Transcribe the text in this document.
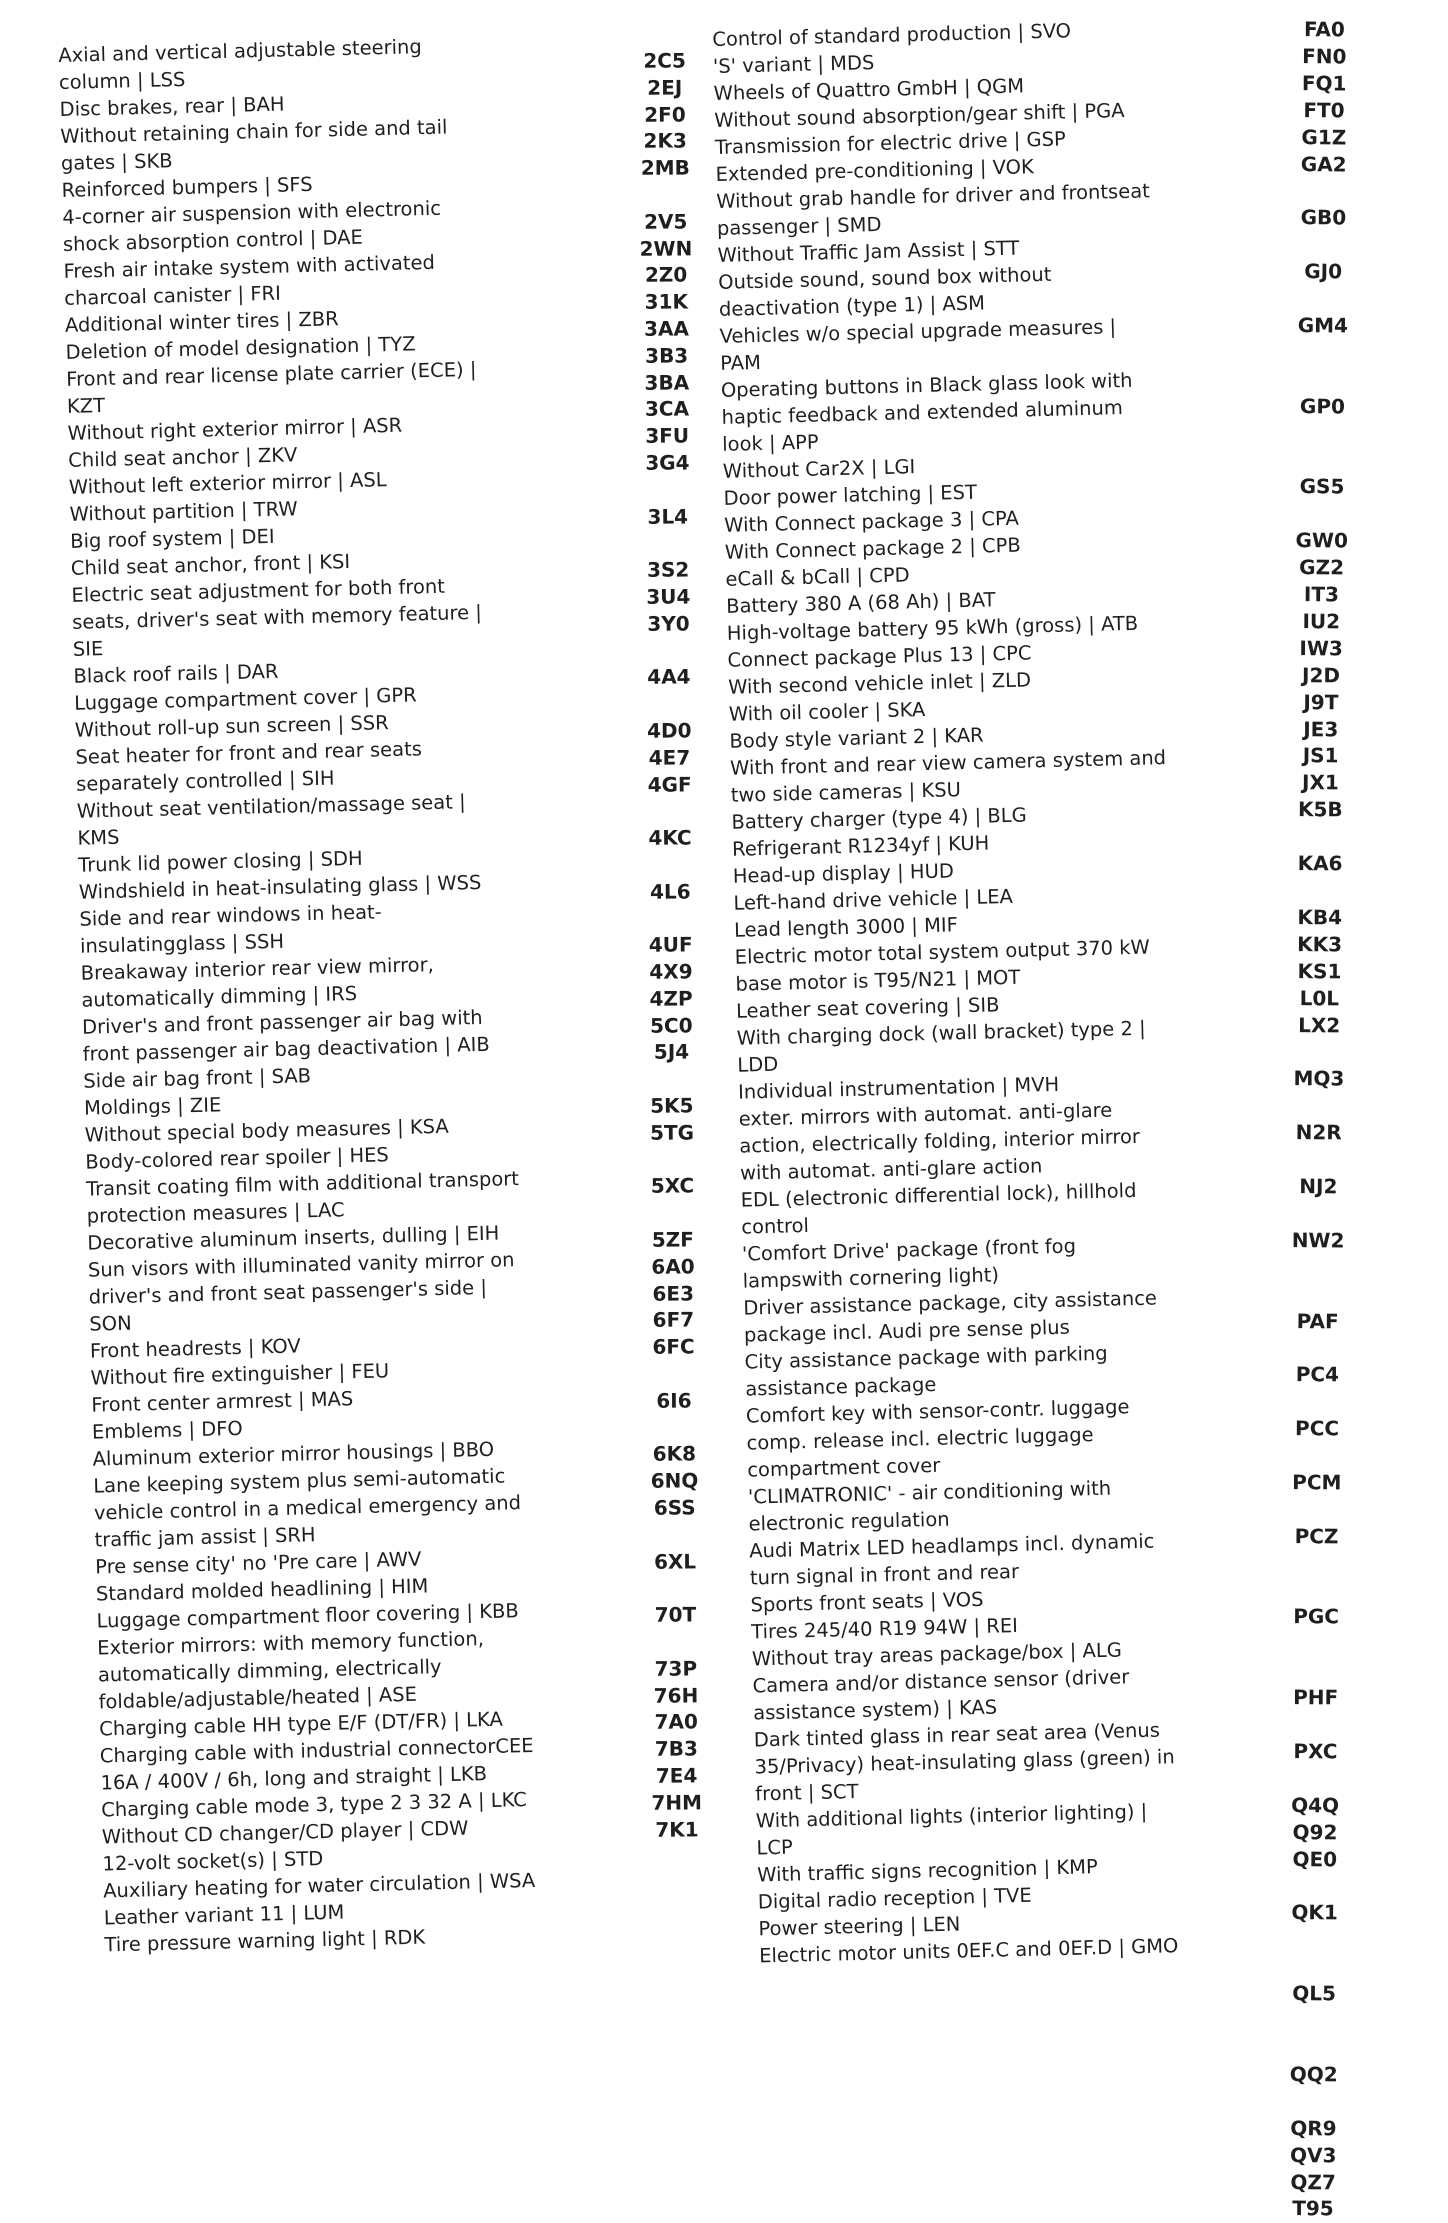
Axial and vertical adjustable steering
column | LSS
Disc brakes, rear | BAH
Without retaining chain for side and tail
gates | SKB
Reinforced bumpers | SFS
4-corner air suspension with electronic
shock absorption control | DAE
Fresh air intake system with activated
charcoal canister | FRI
Additional winter tires | ZBR
Deletion of model designation | TYZ
Front and rear license plate carrier (ECE) |
KZT
Without right exterior mirror | ASR
Child seat anchor | ZKV
Without left exterior mirror | ASL
Without partition | TRW
Big roof system | DEI
Child seat anchor, front | KSI
Electric seat adjustment for both front
seats, driver's seat with memory feature |
SIE
Black roof rails | DAR
Luggage compartment cover | GPR
Without roll-up sun screen | SSR
Seat heater for front and rear seats
separately controlled | SIH
Without seat ventilation/massage seat |
KMS
Trunk lid power closing | SDH
Windshield in heat-insulating glass | WSS
Side and rear windows in heat-
insulatingglass | SSH
Breakaway interior rear view mirror,
automatically dimming | IRS
Driver's and front passenger air bag with
front passenger air bag deactivation | AIB
Side air bag front | SAB
Moldings | ZIE
Without special body measures | KSA
Body-colored rear spoiler | HES
Transit coating film with additional transport
protection measures | LAC
Decorative aluminum inserts, dulling | EIH
Sun visors with illuminated vanity mirror on
driver's and front seat passenger's side |
SON
Front headrests | KOV
Without fire extinguisher | FEU
Front center armrest | MAS
Emblems | DFO
Aluminum exterior mirror housings | BBO
Lane keeping system plus semi-automatic
vehicle control in a medical emergency and
traffic jam assist | SRH
Pre sense city' no 'Pre care | AWV
Standard molded headlining | HIM
Luggage compartment floor covering | KBB
Exterior mirrors: with memory function,
automatically dimming, electrically
foldable/adjustable/heated | ASE
Charging cable HH type E/F (DT/FR) | LKA
Charging cable with industrial connectorCEE
16A / 400V / 6h, long and straight | LKB
Charging cable mode 3, type 2 3 32 A | LKC
Without CD changer/CD player | CDW
12-volt socket(s) | STD
Auxiliary heating for water circulation | WSA
Leather variant 11 | LUM
Tire pressure warning light | RDK
2C5
2EJ
2F0
2K3
2MB

2V5
2WN
2Z0
31K
3AA
3B3
3BA
3CA
3FU
3G4

3L4

3S2
3U4
3Y0

4A4

4D0
4E7
4GF

4KC

4L6

4UF
4X9
4ZP
5C0
5J4

5K5
5TG

5XC

5ZF
6A0
6E3
6F7
6FC

6I6

6K8
6NQ
6SS

6XL

70T

73P
76H
7A0
7B3
7E4
7HM
7K1
Control of standard production | SVO
'S' variant | MDS
Wheels of Quattro GmbH | QGM
Without sound absorption/gear shift | PGA
Transmission for electric drive | GSP
Extended pre-conditioning | VOK
Without grab handle for driver and frontseat
passenger | SMD
Without Traffic Jam Assist | STT
Outside sound, sound box without
deactivation (type 1) | ASM
Vehicles w/o special upgrade measures |
PAM
Operating buttons in Black glass look with
haptic feedback and extended aluminum
look | APP
Without Car2X | LGI
Door power latching | EST
With Connect package 3 | CPA
With Connect package 2 | CPB
eCall & bCall | CPD
Battery 380 A (68 Ah) | BAT
High-voltage battery 95 kWh (gross) | ATB
Connect package Plus 13 | CPC
With second vehicle inlet | ZLD
With oil cooler | SKA
Body style variant 2 | KAR
With front and rear view camera system and
two side cameras | KSU
Battery charger (type 4) | BLG
Refrigerant R1234yf | KUH
Head-up display | HUD
Left-hand drive vehicle | LEA
Lead length 3000 | MIF
Electric motor total system output 370 kW
base motor is T95/N21 | MOT
Leather seat covering | SIB
With charging dock (wall bracket) type 2 |
LDD
Individual instrumentation | MVH
exter. mirrors with automat. anti-glare
action, electrically folding, interior mirror
with automat. anti-glare action
EDL (electronic differential lock), hillhold
control
'Comfort Drive' package (front fog
lampswith cornering light)
Driver assistance package, city assistance
package incl. Audi pre sense plus
City assistance package with parking
assistance package
Comfort key with sensor-contr. luggage
comp. release incl. electric luggage
compartment cover
'CLIMATRONIC' - air conditioning with
electronic regulation
Audi Matrix LED headlamps incl. dynamic
turn signal in front and rear
Sports front seats | VOS
Tires 245/40 R19 94W | REI
Without tray areas package/box | ALG
Camera and/or distance sensor (driver
assistance system) | KAS
Dark tinted glass in rear seat area (Venus
35/Privacy) heat-insulating glass (green) in
front | SCT
With additional lights (interior lighting) |
LCP
With traffic signs recognition | KMP
Digital radio reception | TVE
Power steering | LEN
Electric motor units 0EF.C and 0EF.D | GMO
FA0
FN0
FQ1
FT0
G1Z
GA2

GB0

GJ0

GM4

GP0

GS5

GW0
GZ2
IT3
IU2
IW3
J2D
J9T
JE3
JS1
JX1
K5B

KA6

KB4
KK3
KS1
L0L
LX2

MQ3

N2R

NJ2

NW2

PAF

PC4

PCC

PCM

PCZ

PGC

PHF

PXC

Q4Q
Q92
QE0

QK1

QL5

QQ2

QR9
QV3
QZ7
T95
